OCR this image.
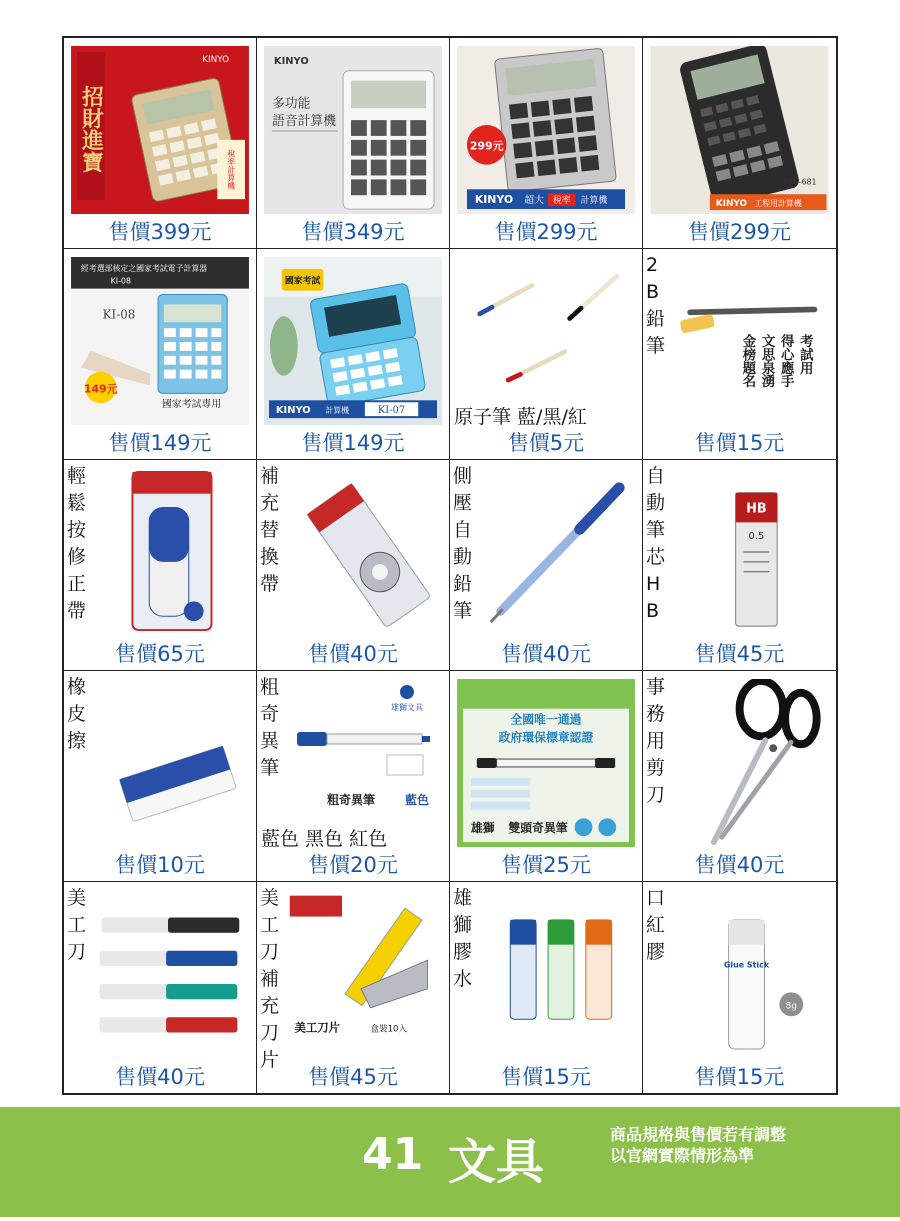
招財進寶
KINYO
稅率計算機
售價399元
KINYO
多功能
語音計算機
售價349元
299元
KINYO 超大 稅率 計算機
售價299元
KPE-681
KINYO 工程用計算機
售價299元
經考選部核定之國家考試電子計算器
KI-08
KI-08
149元
國家考試專用
售價149元
國家考試
KINYO 計算機	KI-07
售價149元
原子筆 藍/黑/紅
售價5元
2B鉛筆	考試用
得心應手
文思泉湧
金榜題名
售價15元
輕鬆按修正帶
售價65元
補充替換帶
售價40元
側壓自動鉛筆
售價40元
自動筆芯HB
HB
0.5
售價45元
橡皮擦
售價10元
粗奇異筆
雄獅文具
粗奇異筆 藍色
藍色 黑色 紅色
售價20元
全國唯一通過
政府環保標章認證
雄獅 雙頭奇異筆
售價25元
事務用剪刀
售價40元
美工刀
售價40元
美工刀補充刀片
美工刀片	盒裝10入
售價45元
雄獅膠水
售價15元
口紅膠
Glue Stick
8g
售價15元
41 文具	商品規格與售價若有調整
以官網實際情形為準
